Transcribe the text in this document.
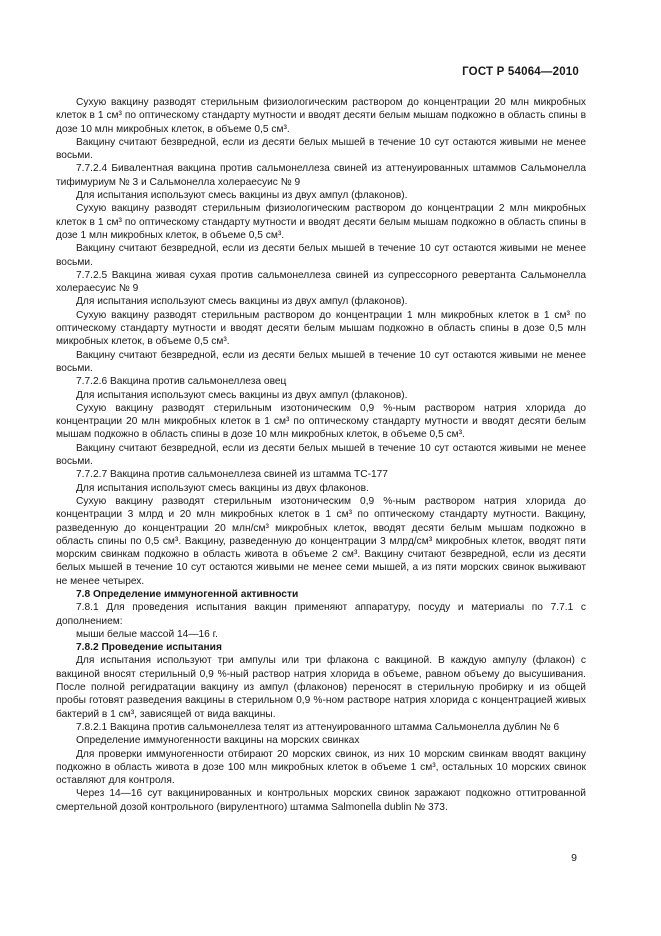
ГОСТ Р 54064—2010

Сухую вакцину разводят стерильным физиологическим раствором до концентрации 20 млн микробных клеток в 1 см³ по оптическому стандарту мутности и вводят десяти белым мышам подкожно в область спины в дозе 10 млн микробных клеток, в объеме 0,5 см³.

Вакцину считают безвредной, если из десяти белых мышей в течение 10 сут остаются живыми не менее восьми.

7.7.2.4 Бивалентная вакцина против сальмонеллеза свиней из аттенуированных штаммов Сальмонелла тифимуриум № 3 и Сальмонелла холераесуис № 9

Для испытания используют смесь вакцины из двух ампул (флаконов).

Сухую вакцину разводят стерильным физиологическим раствором до концентрации 2 млн микробных клеток в 1 см³ по оптическому стандарту мутности и вводят десяти белым мышам подкожно в область спины в дозе 1 млн микробных клеток, в объеме 0,5 см³.

Вакцину считают безвредной, если из десяти белых мышей в течение 10 сут остаются живыми не менее восьми.

7.7.2.5 Вакцина живая сухая против сальмонеллеза свиней из супрессорного ревертанта Сальмонелла холераесуис № 9

Для испытания используют смесь вакцины из двух ампул (флаконов).

Сухую вакцину разводят стерильным раствором до концентрации 1 млн микробных клеток в 1 см³ по оптическому стандарту мутности и вводят десяти белым мышам подкожно в область спины в дозе 0,5 млн микробных клеток, в объеме 0,5 см³.

Вакцину считают безвредной, если из десяти белых мышей в течение 10 сут остаются живыми не менее восьми.

7.7.2.6 Вакцина против сальмонеллеза овец

Для испытания используют смесь вакцины из двух ампул (флаконов).

Сухую вакцину разводят стерильным изотоническим 0,9 %-ным раствором натрия хлорида до концентрации 20 млн микробных клеток в 1 см³ по оптическому стандарту мутности и вводят десяти белым мышам подкожно в область спины в дозе 10 млн микробных клеток, в объеме 0,5 см³.

Вакцину считают безвредной, если из десяти белых мышей в течение 10 сут остаются живыми не менее восьми.

7.7.2.7 Вакцина против сальмонеллеза свиней из штамма ТС-177

Для испытания используют смесь вакцины из двух флаконов.

Сухую вакцину разводят стерильным изотоническим 0,9 %-ным раствором натрия хлорида до концентрации 3 млрд и 20 млн микробных клеток в 1 см³ по оптическому стандарту мутности. Вакцину, разведенную до концентрации 20 млн/см³ микробных клеток, вводят десяти белым мышам подкожно в область спины по 0,5 см³. Вакцину, разведенную до концентрации 3 млрд/см³ микробных клеток, вводят пяти морским свинкам подкожно в область живота в объеме 2 см³. Вакцину считают безвредной, если из десяти белых мышей в течение 10 сут остаются живыми не менее семи мышей, а из пяти морских свинок выживают не менее четырех.

7.8 Определение иммуногенной активности

7.8.1 Для проведения испытания вакцин применяют аппаратуру, посуду и материалы по 7.7.1 с дополнением:

мыши белые массой 14—16 г.

7.8.2 Проведение испытания

Для испытания используют три ампулы или три флакона с вакциной. В каждую ампулу (флакон) с вакциной вносят стерильный 0,9 %-ный раствор натрия хлорида в объеме, равном объему до высушивания. После полной регидратации вакцину из ампул (флаконов) переносят в стерильную пробирку и из общей пробы готовят разведения вакцины в стерильном 0,9 %-ном растворе натрия хлорида с концентрацией живых бактерий в 1 см³, зависящей от вида вакцины.

7.8.2.1 Вакцина против сальмонеллеза телят из аттенуированного штамма Сальмонелла дублин № 6

Определение иммуногенности вакцины на морских свинках

Для проверки иммуногенности отбирают 20 морских свинок, из них 10 морским свинкам вводят вакцину подкожно в область живота в дозе 100 млн микробных клеток в объеме 1 см³, остальных 10 морских свинок оставляют для контроля.

Через 14—16 сут вакцинированных и контрольных морских свинок заражают подкожно оттитрованной смертельной дозой контрольного (вирулентного) штамма Salmonella dublin № 373.

9
